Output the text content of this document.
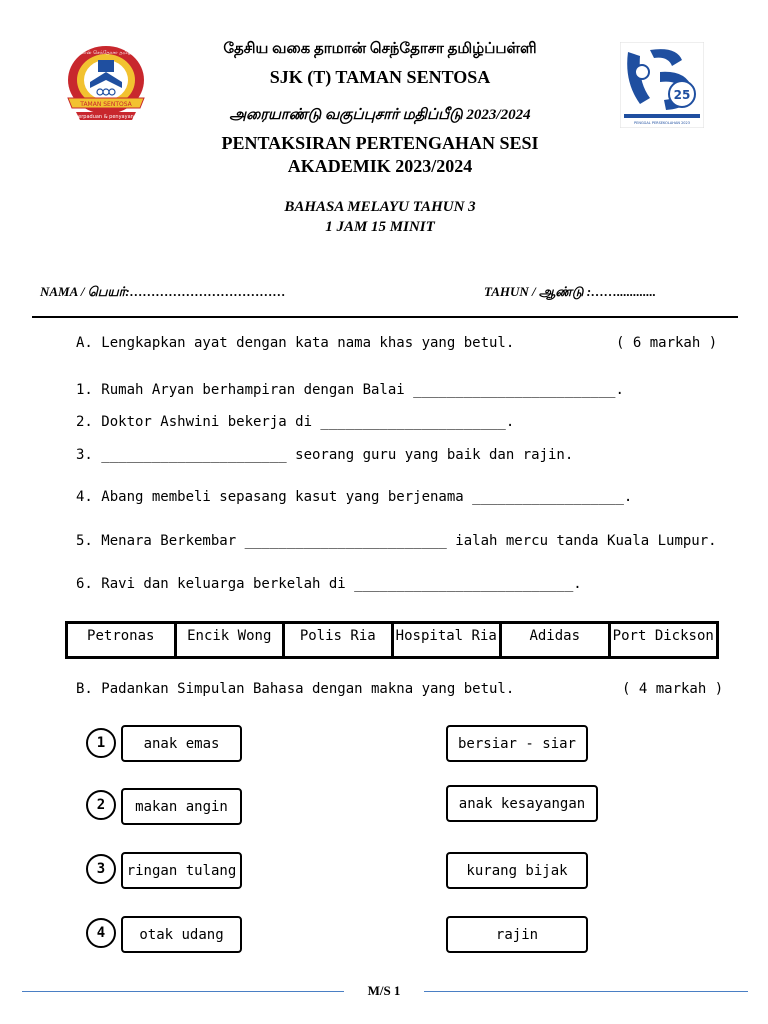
TAMAN SENTOSA
perpaduan & penyayang
தமான் செந்தோசா தமிழ்ப்
25
PENGGAL PERSEKOLAHAN 2023
தேசிய வகை தாமான் செந்தோசா தமிழ்ப்பள்ளி
SJK (T) TAMAN SENTOSA
அரையாண்டு வகுப்புசார் மதிப்பீடு 2023/2024
PENTAKSIRAN PERTENGAHAN SESI
AKADEMIK 2023/2024
BAHASA MELAYU TAHUN 3
1 JAM 15 MINIT
NAMA / பெயர்:………………………………	TAHUN / ஆண்டு :……............
A. Lengkapkan ayat dengan kata nama khas yang betul.	( 6 markah )
1. Rumah Aryan berhampiran dengan Balai ________________________.
2. Doktor Ashwini bekerja di ______________________.
3. ______________________ seorang guru yang baik dan rajin.
4. Abang membeli sepasang kasut yang berjenama __________________.
5. Menara Berkembar ________________________ ialah mercu tanda Kuala Lumpur.
6. Ravi dan keluarga berkelah di __________________________.
Petronas	Encik Wong	Polis Ria	Hospital Ria	Adidas	Port Dickson
B. Padankan Simpulan Bahasa dengan makna yang betul.	( 4 markah )
1	anak emas	bersiar - siar
2	makan angin	anak kesayangan
3	ringan tulang	kurang bijak
4	otak udang	rajin
M/S 1
